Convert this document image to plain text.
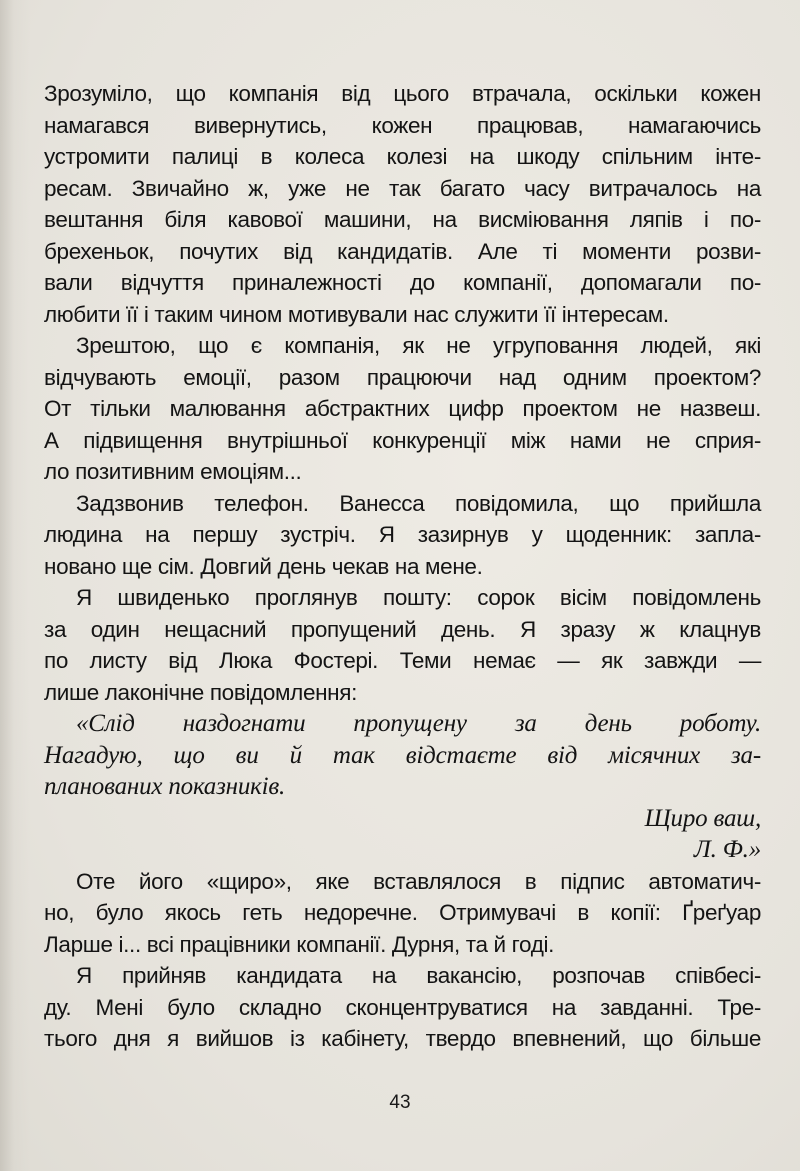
Зрозуміло, що компанія від цього втрачала, оскільки кожен
намагався вивернутись, кожен працював, намагаючись
устромити палиці в колеса колезі на шкоду спільним інте-
ресам. Звичайно ж, уже не так багато часу витрачалось на
вештання біля кавової машини, на висміювання ляпів і по-
брехеньок, почутих від кандидатів. Але ті моменти розви-
вали відчуття приналежності до компанії, допомагали по-
любити її і таким чином мотивували нас служити її інтересам.
Зрештою, що є компанія, як не угруповання людей, які
відчувають емоції, разом працюючи над одним проектом?
От тільки малювання абстрактних цифр проектом не назвеш.
А підвищення внутрішньої конкуренції між нами не сприя-
ло позитивним емоціям...
Задзвонив телефон. Ванесса повідомила, що прийшла
людина на першу зустріч. Я зазирнув у щоденник: запла-
новано ще сім. Довгий день чекав на мене.
Я швиденько проглянув пошту: сорок вісім повідомлень
за один нещасний пропущений день. Я зразу ж клацнув
по листу від Люка Фостері. Теми немає — як завжди —
лише лаконічне повідомлення:
«Слід наздогнати пропущену за день роботу.
Нагадую, що ви й так відстаєте від місячних за-
планованих показників.
Щиро ваш,
Л. Ф.»
Оте його «щиро», яке вставлялося в підпис автоматич-
но, було якось геть недоречне. Отримувачі в копії: Ґреґуар
Ларше і... всі працівники компанії. Дурня, та й годі.
Я прийняв кандидата на вакансію, розпочав співбесі-
ду. Мені було складно сконцентруватися на завданні. Тре-
тього дня я вийшов із кабінету, твердо впевнений, що більше
43
